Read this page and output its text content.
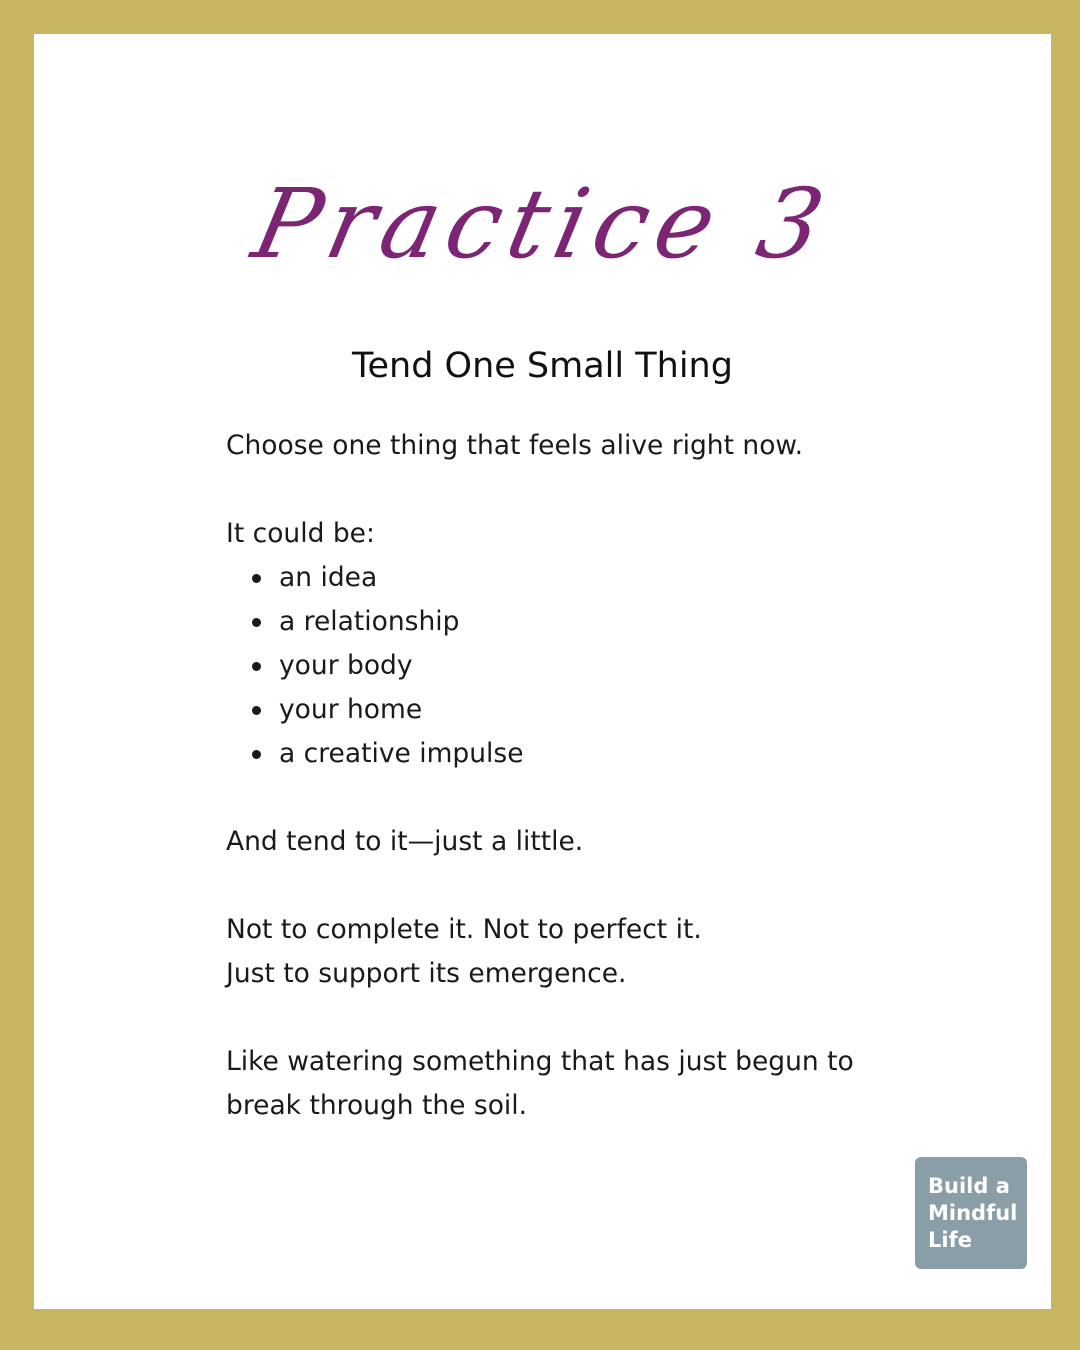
Practice 3
Tend One Small Thing

Choose one thing that feels alive right now.

It could be:

an idea
a relationship
your body
your home
a creative impulse

And tend to it—just a little.

Not to complete it. Not to perfect it.

Just to support its emergence.

Like watering something that has just begun to

break through the soil.

Build a
Mindful
Life
